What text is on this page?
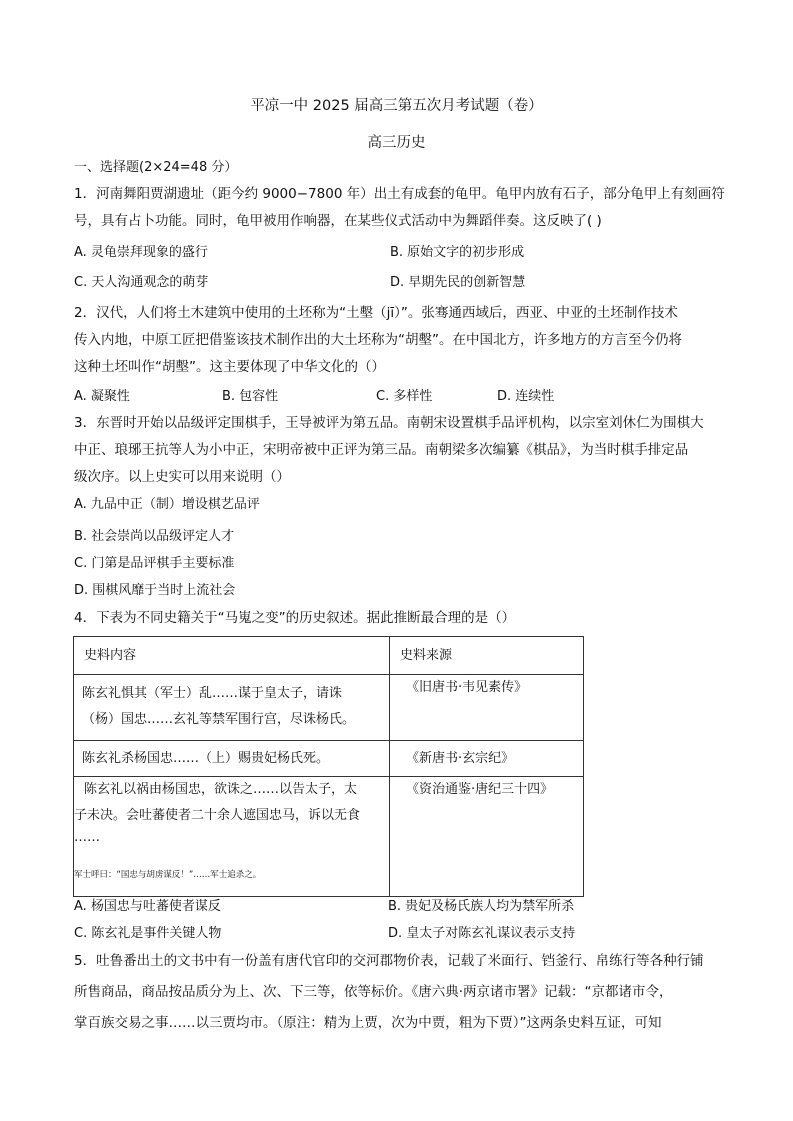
平凉一中 2025 届高三第五次月考试题（卷）
高三历史
一、选择题(2×24=48 分）
1．河南舞阳贾湖遗址（距今约 9000−7800 年）出土有成套的龟甲。龟甲内放有石子，部分龟甲上有刻画符
号，具有占卜功能。同时，龟甲被用作响器，在某些仪式活动中为舞蹈伴奏。这反映了( )
A. 灵龟崇拜现象的盛行	B. 原始文字的初步形成
C. 天人沟通观念的萌芽	D. 早期先民的创新智慧
2．汉代，人们将土木建筑中使用的土坯称为“土墼（jī）”。张骞通西域后，西亚、中亚的土坯制作技术
传入内地，中原工匠把借鉴该技术制作出的大土坯称为“胡墼”。在中国北方，许多地方的方言至今仍将
这种土坯叫作“胡墼”。这主要体现了中华文化的（）
A. 凝聚性	B. 包容性	C. 多样性	D. 连续性
3．东晋时开始以品级评定围棋手，王导被评为第五品。南朝宋设置棋手品评机构，以宗室刘休仁为围棋大
中正、琅琊王抗等人为小中正，宋明帝被中正评为第三品。南朝梁多次编纂《棋品》，为当时棋手排定品
级次序。以上史实可以用来说明（）
A. 九品中正（制）增设棋艺品评
B. 社会崇尚以品级评定人才
C. 门第是品评棋手主要标准
D. 围棋风靡于当时上流社会
4．下表为不同史籍关于“马嵬之变”的历史叙述。据此推断最合理的是（）
史料内容	史料来源

陈玄礼惧其（军士）乱……谋于皇太子，请诛
（杨）国忠……玄礼等禁军围行宫，尽诛杨氏。	《旧唐书·韦见素传》

陈玄礼杀杨国忠……（上）赐贵妃杨氏死。	《新唐书·玄宗纪》

陈玄礼以祸由杨国忠，欲诛之……以告太子，太
子未决。会吐蕃使者二十余人遮国忠马，诉以无食
……
军士呼曰：“国忠与胡虏谋反！”……军士追杀之。	《资治通鉴·唐纪三十四》
A. 杨国忠与吐蕃使者谋反	B. 贵妃及杨氏族人均为禁军所杀
C. 陈玄礼是事件关键人物	D. 皇太子对陈玄礼谋议表示支持
5．吐鲁番出土的文书中有一份盖有唐代官印的交河郡物价表，记载了米面行、铛釜行、帛练行等各种行铺
所售商品，商品按品质分为上、次、下三等，依等标价。《唐六典·两京诸市署》记载：“京都诸市令，
掌百族交易之事……以三贾均市。（原注：精为上贾，次为中贾，粗为下贾）”这两条史料互证，可知
